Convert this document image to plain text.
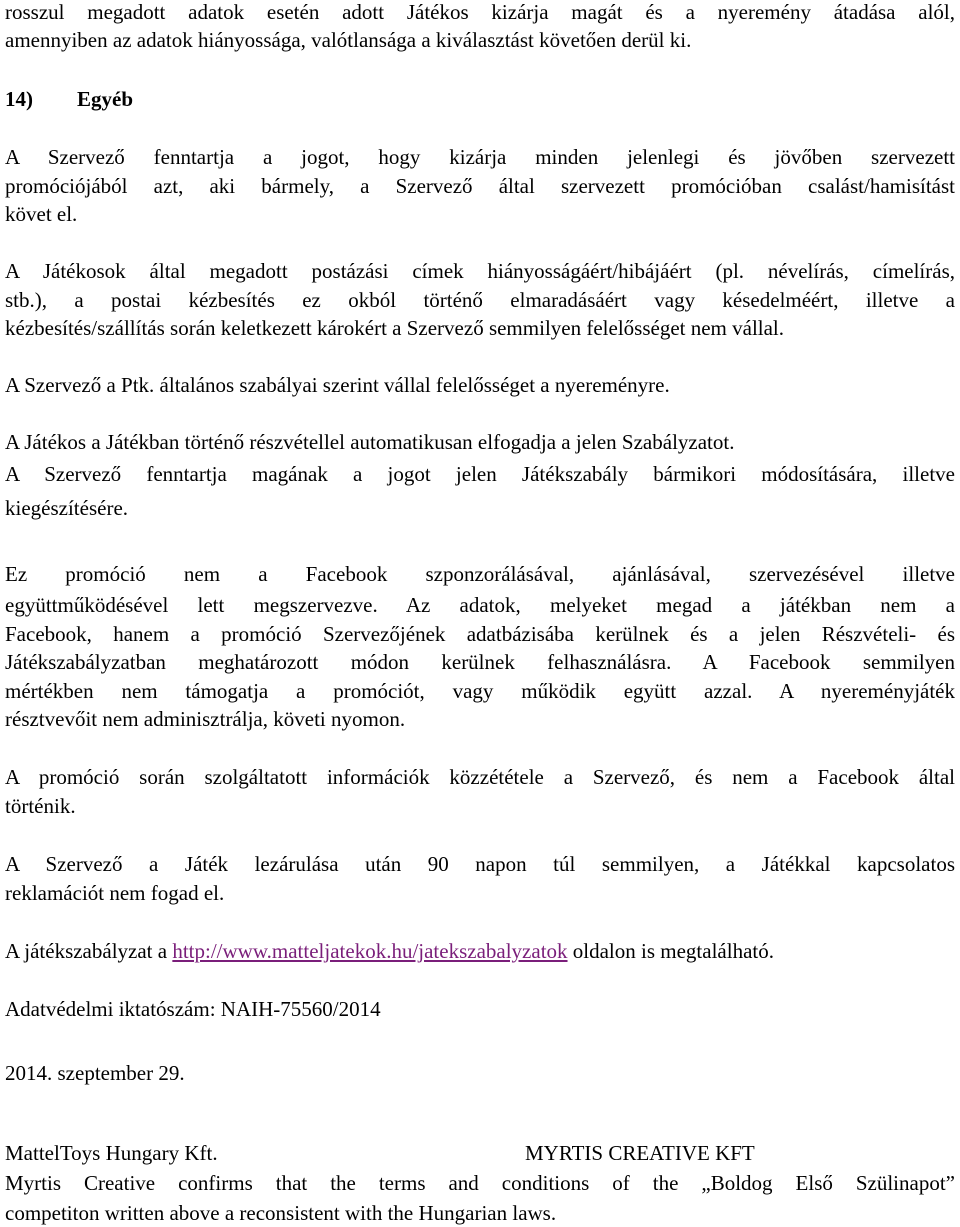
rosszul megadott adatok esetén adott Játékos kizárja magát és a nyeremény átadása alól,
amennyiben az adatok hiányossága, valótlansága a kiválasztást követően derül ki.
14) Egyéb
A Szervező fenntartja a jogot, hogy kizárja minden jelenlegi és jövőben szervezett
promóciójából azt, aki bármely, a Szervező által szervezett promócióban csalást/hamisítást
követ el.
A Játékosok által megadott postázási címek hiányosságáért/hibájáért (pl. névelírás, címelírás,
stb.), a postai kézbesítés ez okból történő elmaradásáért vagy késedelméért, illetve a
kézbesítés/szállítás során keletkezett károkért a Szervező semmilyen felelősséget nem vállal.
A Szervező a Ptk. általános szabályai szerint vállal felelősséget a nyereményre.
A Játékos a Játékban történő részvétellel automatikusan elfogadja a jelen Szabályzatot.
A Szervező fenntartja magának a jogot jelen Játékszabály bármikori módosítására, illetve
kiegészítésére.
Ez promóció nem a Facebook szponzorálásával, ajánlásával, szervezésével illetve
együttműködésével lett megszervezve. Az adatok, melyeket megad a játékban nem a
Facebook, hanem a promóció Szervezőjének adatbázisába kerülnek és a jelen Részvételi- és
Játékszabályzatban meghatározott módon kerülnek felhasználásra. A Facebook semmilyen
mértékben nem támogatja a promóciót, vagy működik együtt azzal. A nyereményjáték
résztvevőit nem adminisztrálja, követi nyomon.
A promóció során szolgáltatott információk közzététele a Szervező, és nem a Facebook által
történik.
A Szervező a Játék lezárulása után 90 napon túl semmilyen, a Játékkal kapcsolatos
reklamációt nem fogad el.
A játékszabályzat a http://www.matteljatekok.hu/jatekszabalyzatok oldalon is megtalálható.
Adatvédelmi iktatószám: NAIH-75560/2014
2014. szeptember 29.
MattelToys Hungary Kft.	MYRTIS CREATIVE KFT
Myrtis Creative confirms that the terms and conditions of the „Boldog Első Szülinapot”
competiton written above a reconsistent with the Hungarian laws.
